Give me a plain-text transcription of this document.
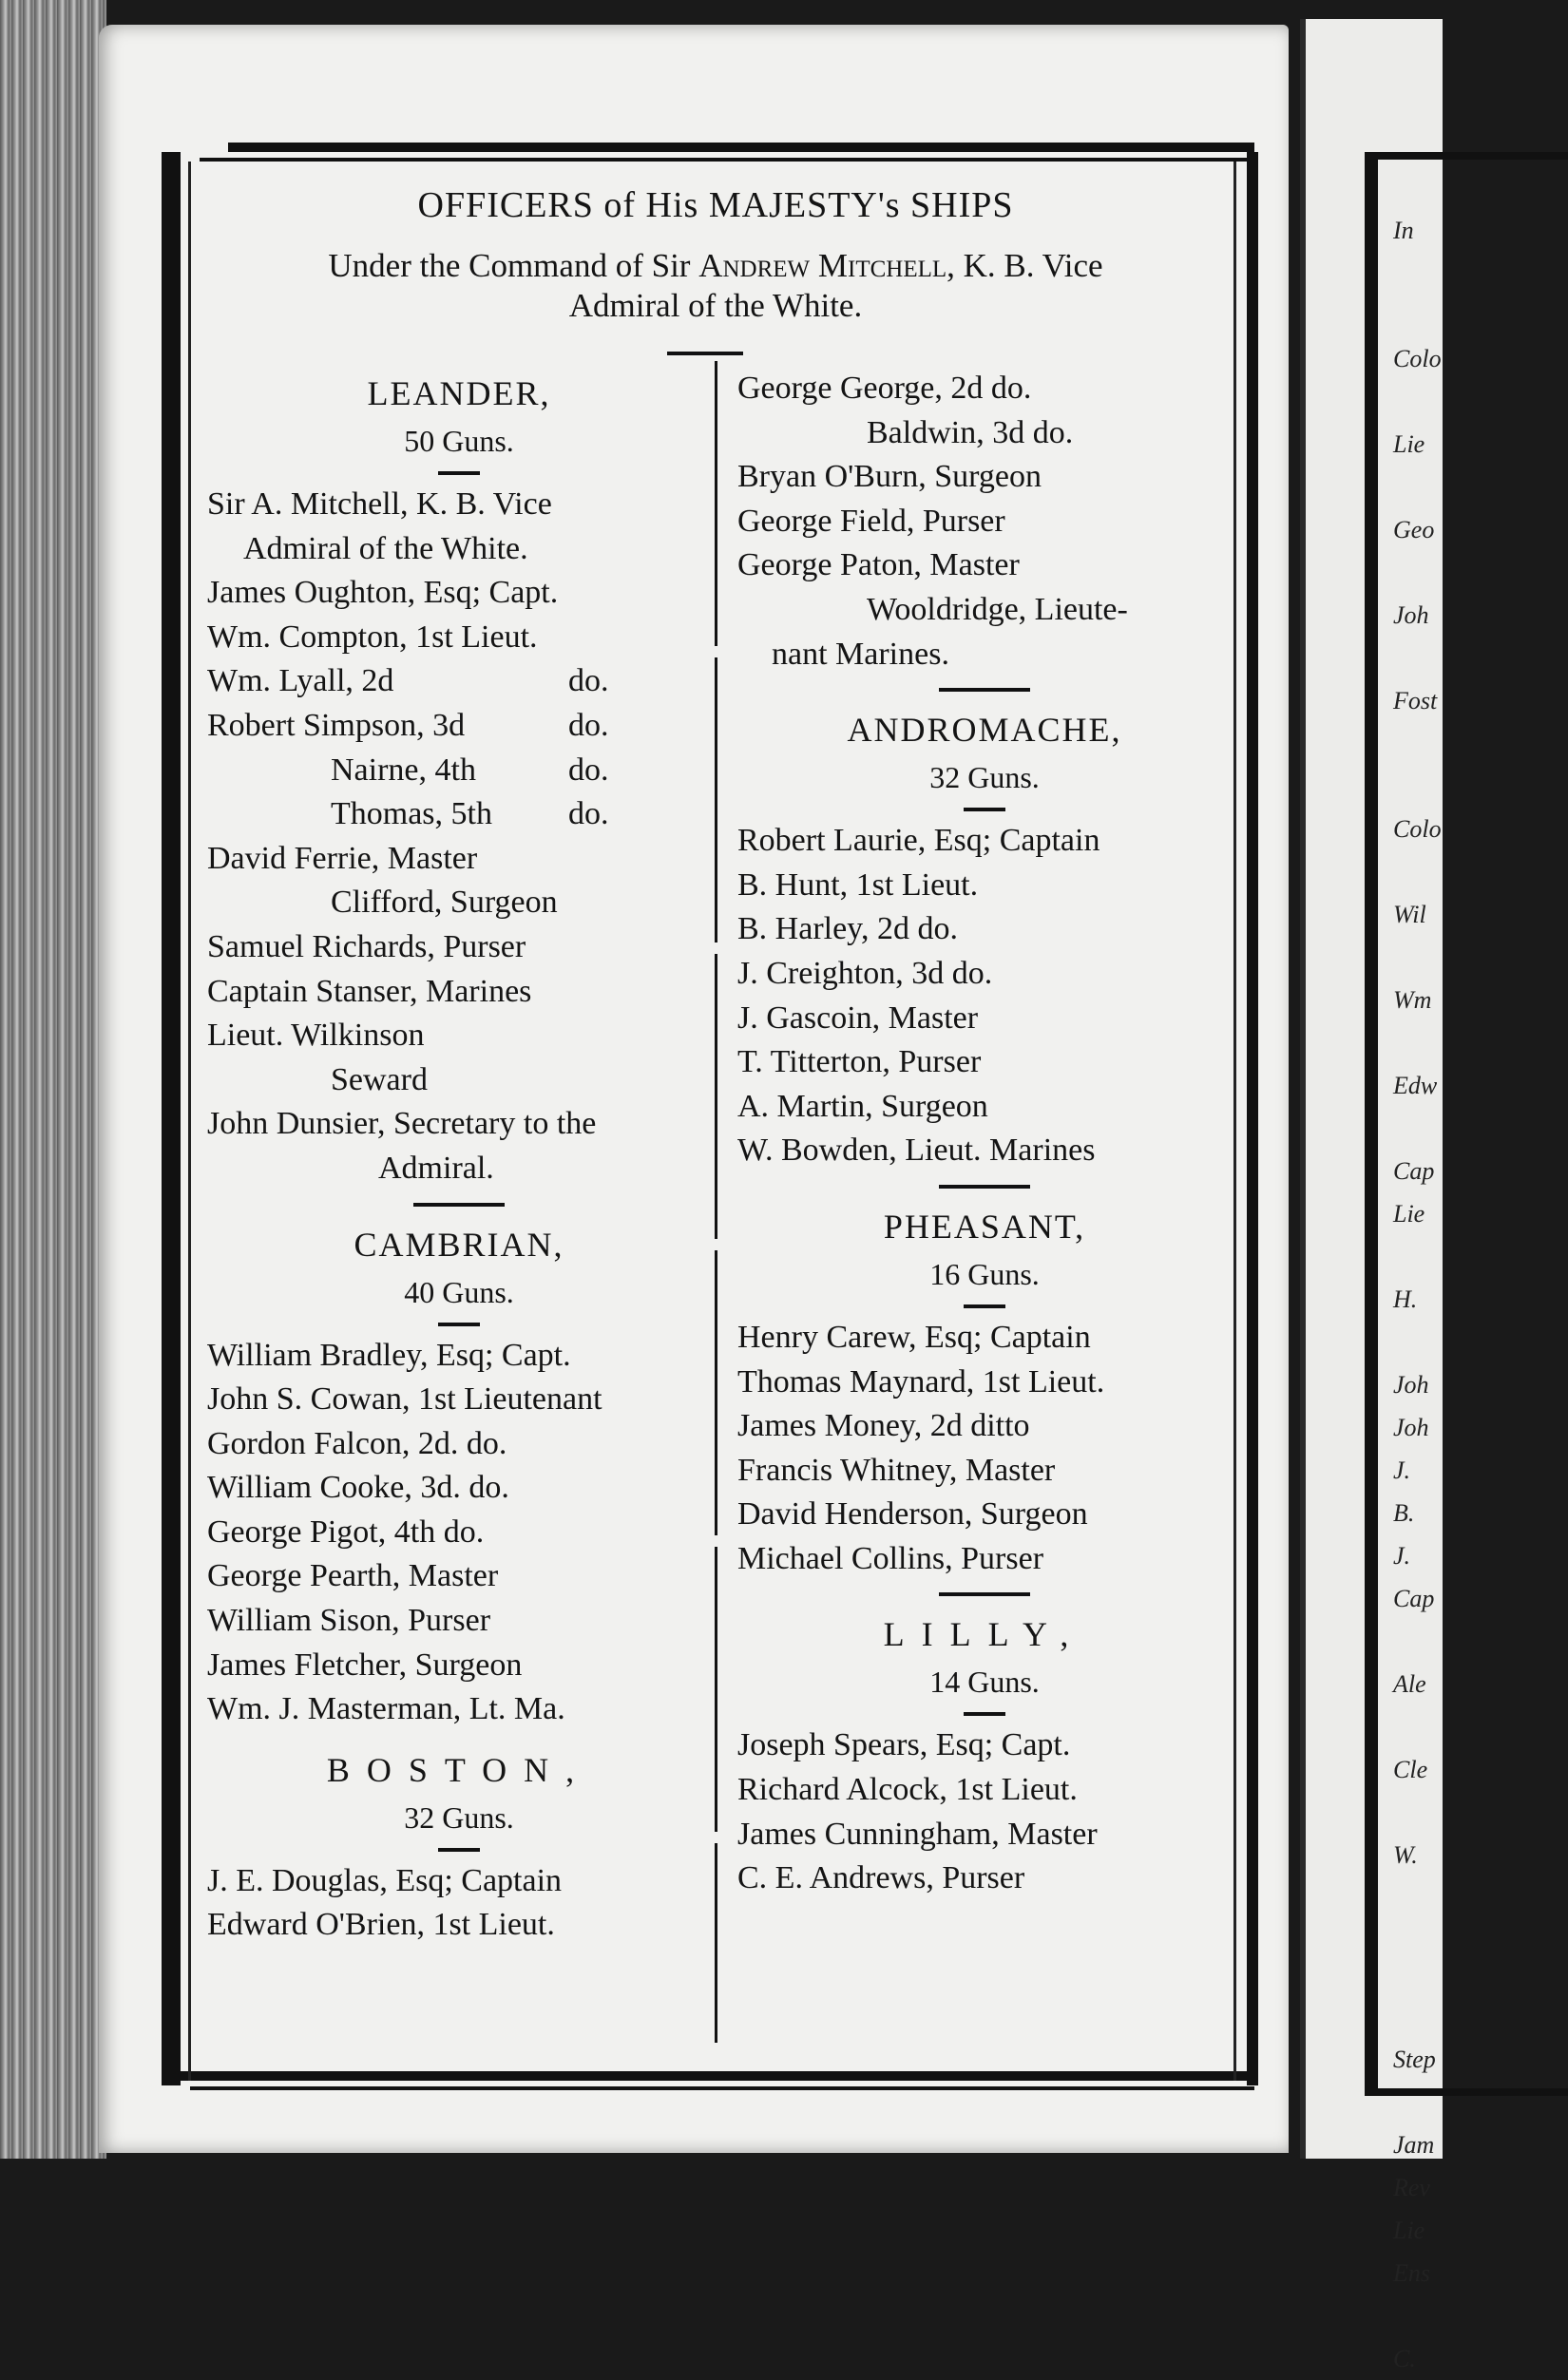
In
Colo
Lie
Geo
Joh
Fost
Colo
Wil
Wm
Edw
Cap
Lie
H.
Joh
Joh
J.
B.
J.
Cap
Ale
Cle
W.
Step
Jam
Rev
Lie
Ens
C.
OFFICERS of His MAJESTY's SHIPS
Under the Command of Sir Andrew Mitchell, K. B. Vice
Admiral of the White.
LEANDER,
50 Guns.
Sir A. Mitchell, K. B. Vice
Admiral of the White.
James Oughton, Esq; Capt.
Wm. Compton, 1st Lieut.
Wm. Lyall, 2d	do.
Robert Simpson, 3d	do.
Nairne, 4th	do.
Thomas, 5th do.
David Ferrie, Master
Clifford, Surgeon
Samuel Richards, Purser
Captain Stanser, Marines
Lieut. Wilkinson
Seward
John Dunsier, Secretary to the
Admiral.
CAMBRIAN,
40 Guns.
William Bradley, Esq; Capt.
John S. Cowan, 1st Lieutenant
Gordon Falcon, 2d. do.
William Cooke, 3d. do.
George Pigot, 4th do.
George Pearth, Master
William Sison, Purser
James Fletcher, Surgeon
Wm. J. Masterman, Lt. Ma.
BOSTON,
32 Guns.
J. E. Douglas, Esq; Captain
Edward O'Brien, 1st Lieut.
George George, 2d do.
Baldwin, 3d do.
Bryan O'Burn, Surgeon
George Field, Purser
George Paton, Master
Wooldridge, Lieute-
nant Marines.
ANDROMACHE,
32 Guns.
Robert Laurie, Esq; Captain
B. Hunt, 1st Lieut.
B. Harley, 2d do.
J. Creighton, 3d do.
J. Gascoin, Master
T. Titterton, Purser
A. Martin, Surgeon
W. Bowden, Lieut. Marines
PHEASANT,
16 Guns.
Henry Carew, Esq; Captain
Thomas Maynard, 1st Lieut.
James Money, 2d ditto
Francis Whitney, Master
David Henderson, Surgeon
Michael Collins, Purser
LILLY,
14 Guns.
Joseph Spears, Esq; Capt.
Richard Alcock, 1st Lieut.
James Cunningham, Master
C. E. Andrews, Purser
